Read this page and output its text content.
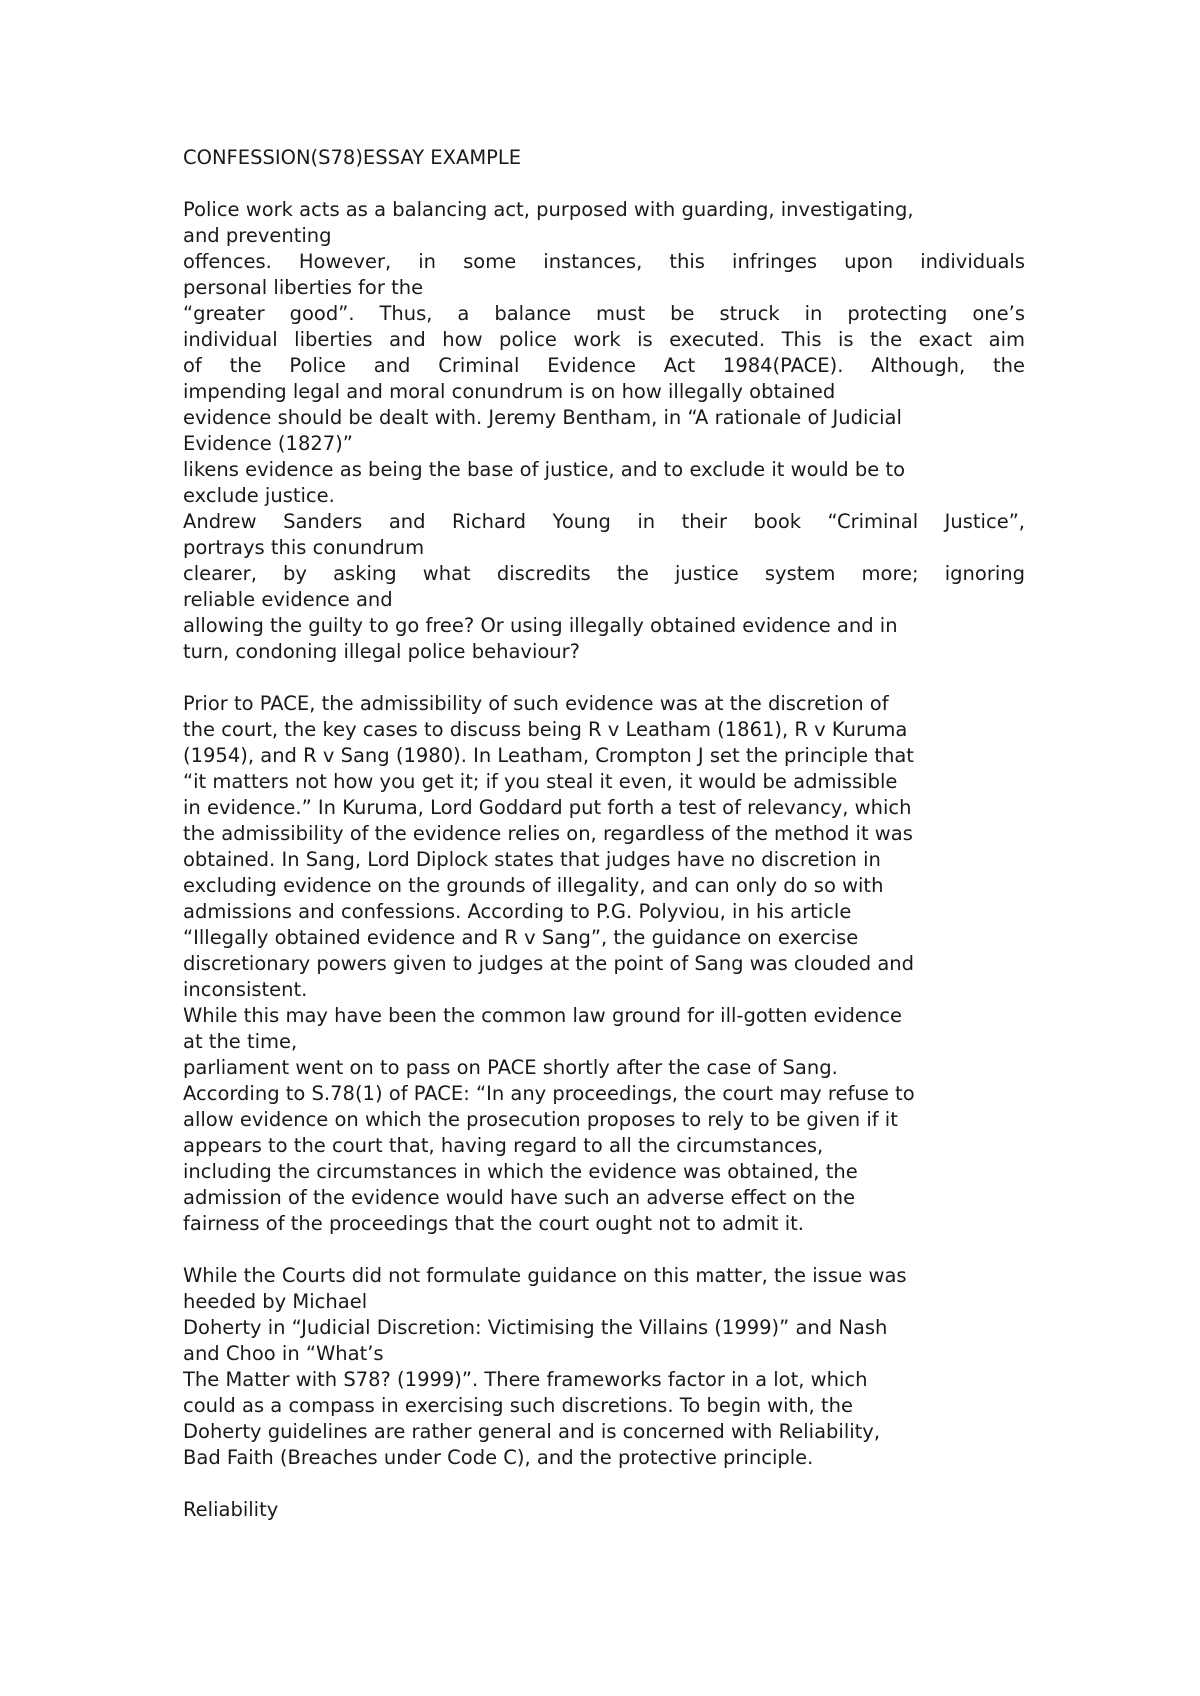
CONFESSION(S78)ESSAY EXAMPLE
Police work acts as a balancing act, purposed with guarding, investigating,
and preventing
offences. However, in some instances, this infringes upon individuals
personal liberties for the
“greater good”. Thus, a balance must be struck in protecting one’s
individual liberties and how police work is executed. This is the exact aim
of the Police and Criminal Evidence Act 1984(PACE). Although, the
impending legal and moral conundrum is on how illegally obtained
evidence should be dealt with. Jeremy Bentham, in “A rationale of Judicial
Evidence (1827)”
likens evidence as being the base of justice, and to exclude it would be to
exclude justice.
Andrew Sanders and Richard Young in their book “Criminal Justice”,
portrays this conundrum
clearer, by asking what discredits the justice system more; ignoring
reliable evidence and
allowing the guilty to go free? Or using illegally obtained evidence and in
turn, condoning illegal police behaviour?
Prior to PACE, the admissibility of such evidence was at the discretion of
the court, the key cases to discuss being R v Leatham (1861), R v Kuruma
(1954), and R v Sang (1980). In Leatham, Crompton J set the principle that
“it matters not how you get it; if you steal it even, it would be admissible
in evidence.” In Kuruma, Lord Goddard put forth a test of relevancy, which
the admissibility of the evidence relies on, regardless of the method it was
obtained. In Sang, Lord Diplock states that judges have no discretion in
excluding evidence on the grounds of illegality, and can only do so with
admissions and confessions. According to P.G. Polyviou, in his article
“Illegally obtained evidence and R v Sang”, the guidance on exercise
discretionary powers given to judges at the point of Sang was clouded and
inconsistent.
While this may have been the common law ground for ill-gotten evidence
at the time,
parliament went on to pass on PACE shortly after the case of Sang.
According to S.78(1) of PACE: “In any proceedings, the court may refuse to
allow evidence on which the prosecution proposes to rely to be given if it
appears to the court that, having regard to all the circumstances,
including the circumstances in which the evidence was obtained, the
admission of the evidence would have such an adverse effect on the
fairness of the proceedings that the court ought not to admit it.
While the Courts did not formulate guidance on this matter, the issue was
heeded by Michael
Doherty in “Judicial Discretion: Victimising the Villains (1999)” and Nash
and Choo in “What’s
The Matter with S78? (1999)”. There frameworks factor in a lot, which
could as a compass in exercising such discretions. To begin with, the
Doherty guidelines are rather general and is concerned with Reliability,
Bad Faith (Breaches under Code C), and the protective principle.
Reliability
